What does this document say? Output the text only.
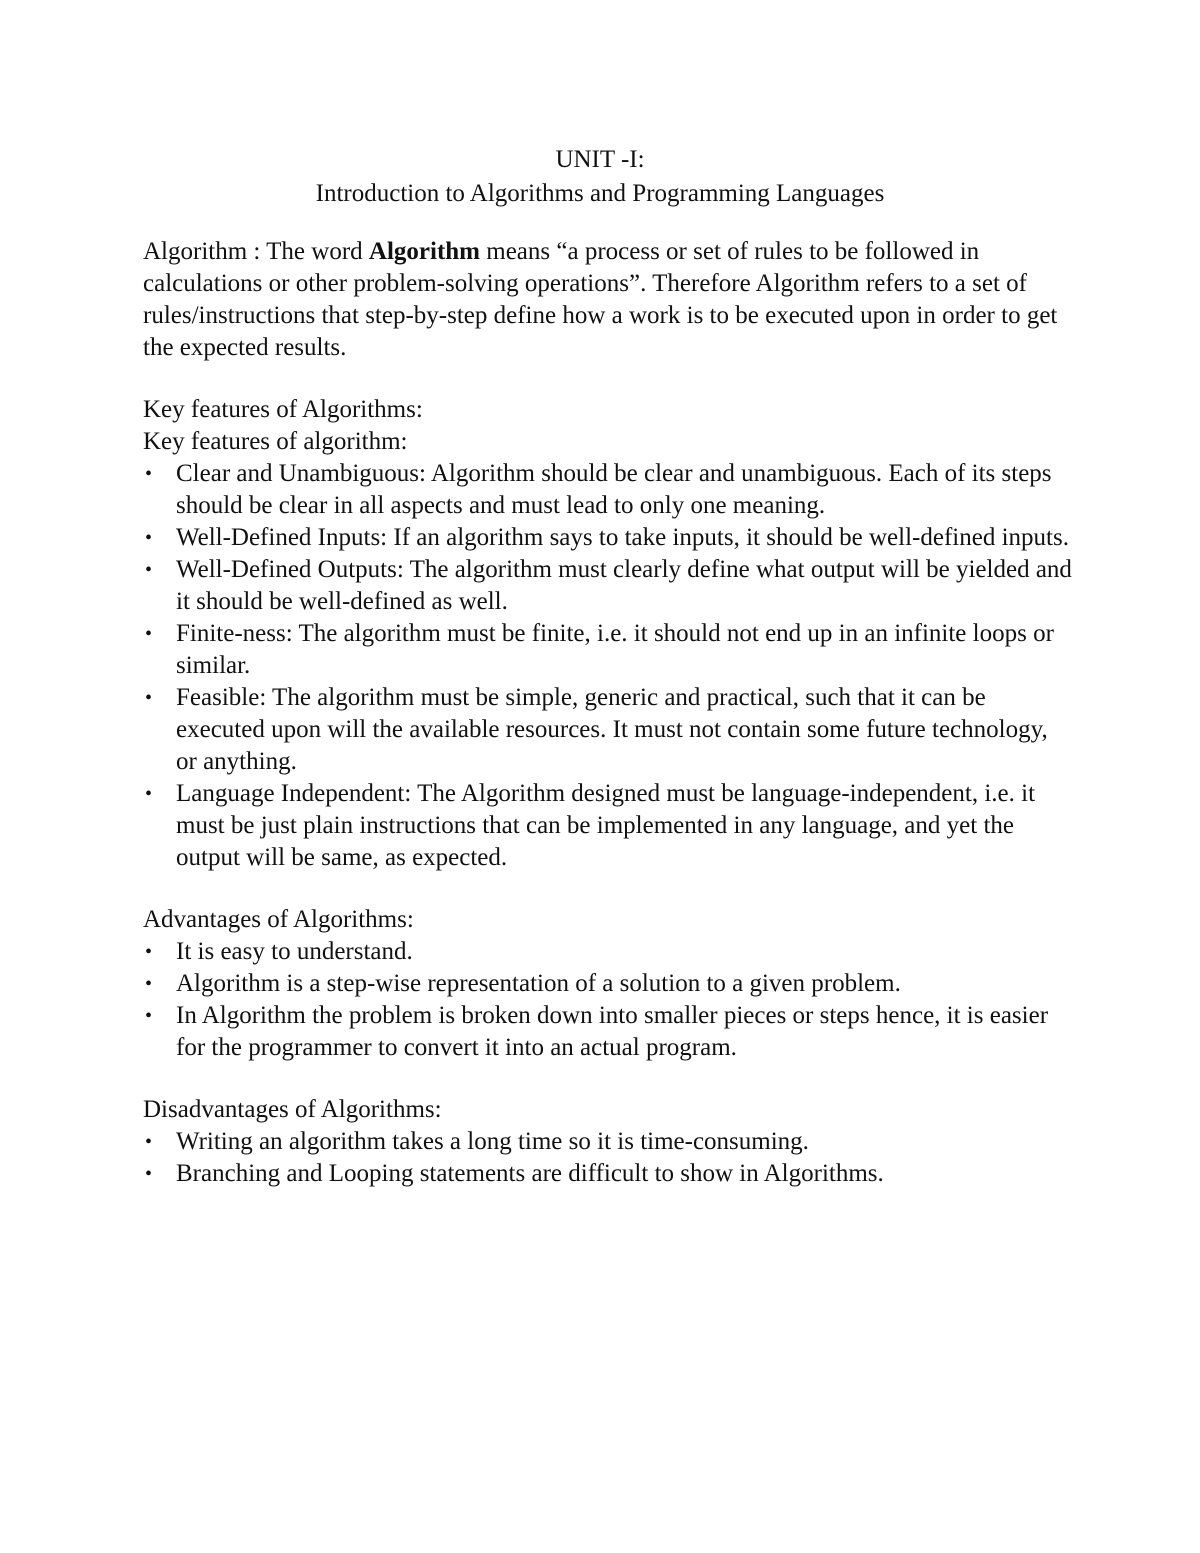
UNIT -I:
Introduction to Algorithms and Programming Languages

Algorithm : The word Algorithm means “a process or set of rules to be followed in calculations or other problem-solving operations”. Therefore Algorithm refers to a set of rules/instructions that step-by-step define how a work is to be executed upon in order to get the expected results.

Key features of Algorithms:
Key features of algorithm:
• Clear and Unambiguous: Algorithm should be clear and unambiguous. Each of its steps should be clear in all aspects and must lead to only one meaning.
• Well-Defined Inputs: If an algorithm says to take inputs, it should be well-defined inputs.
• Well-Defined Outputs: The algorithm must clearly define what output will be yielded and it should be well-defined as well.
• Finite-ness: The algorithm must be finite, i.e. it should not end up in an infinite loops or similar.
• Feasible: The algorithm must be simple, generic and practical, such that it can be executed upon will the available resources. It must not contain some future technology, or anything.
• Language Independent: The Algorithm designed must be language-independent, i.e. it must be just plain instructions that can be implemented in any language, and yet the output will be same, as expected.
Advantages of Algorithms:
• It is easy to understand.
• Algorithm is a step-wise representation of a solution to a given problem.
• In Algorithm the problem is broken down into smaller pieces or steps hence, it is easier for the programmer to convert it into an actual program.
Disadvantages of Algorithms:
• Writing an algorithm takes a long time so it is time-consuming.
• Branching and Looping statements are difficult to show in Algorithms.
